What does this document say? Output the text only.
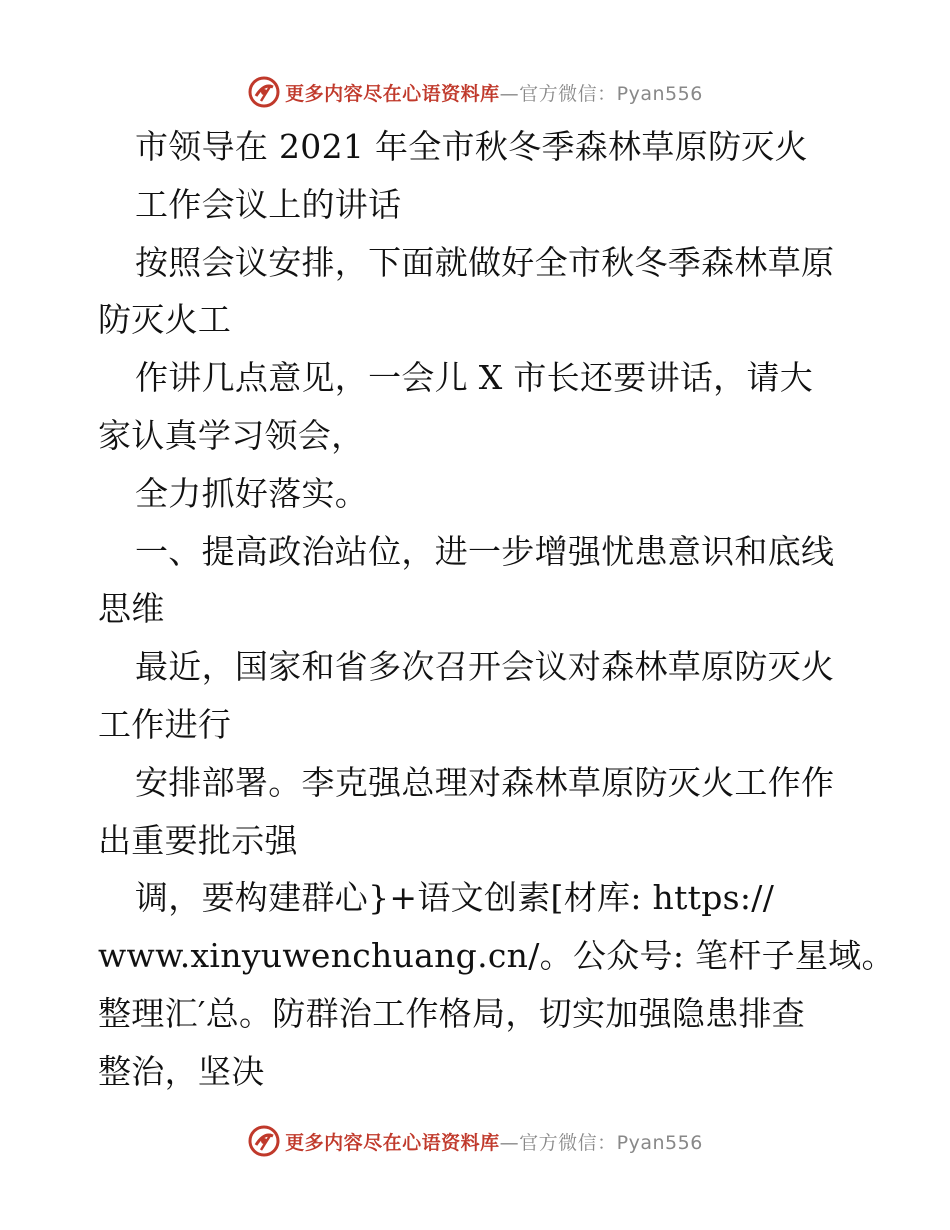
更多内容尽在心语资料库 —官方微信：Pyan556
市领导在 2021 年全市秋冬季森林草原防灭火
工作会议上的讲话
按照会议安排，下面就做好全市秋冬季森林草原
防灭火工
作讲几点意见，一会儿 X 市长还要讲话，请大
家认真学习领会，
全力抓好落实。
一、提高政治站位，进一步增强忧患意识和底线
思维
最近，国家和省多次召开会议对森林草原防灭火
工作进行
安排部署。李克强总理对森林草原防灭火工作作
出重要批示强
调，要构建群心}+语文创素[材库: https://
www.xinyuwenchuang.cn/。公众号: 笔杆子星域。
整理汇′总。防群治工作格局，切实加强隐患排查
整治，坚决
更多内容尽在心语资料库 —官方微信：Pyan556
